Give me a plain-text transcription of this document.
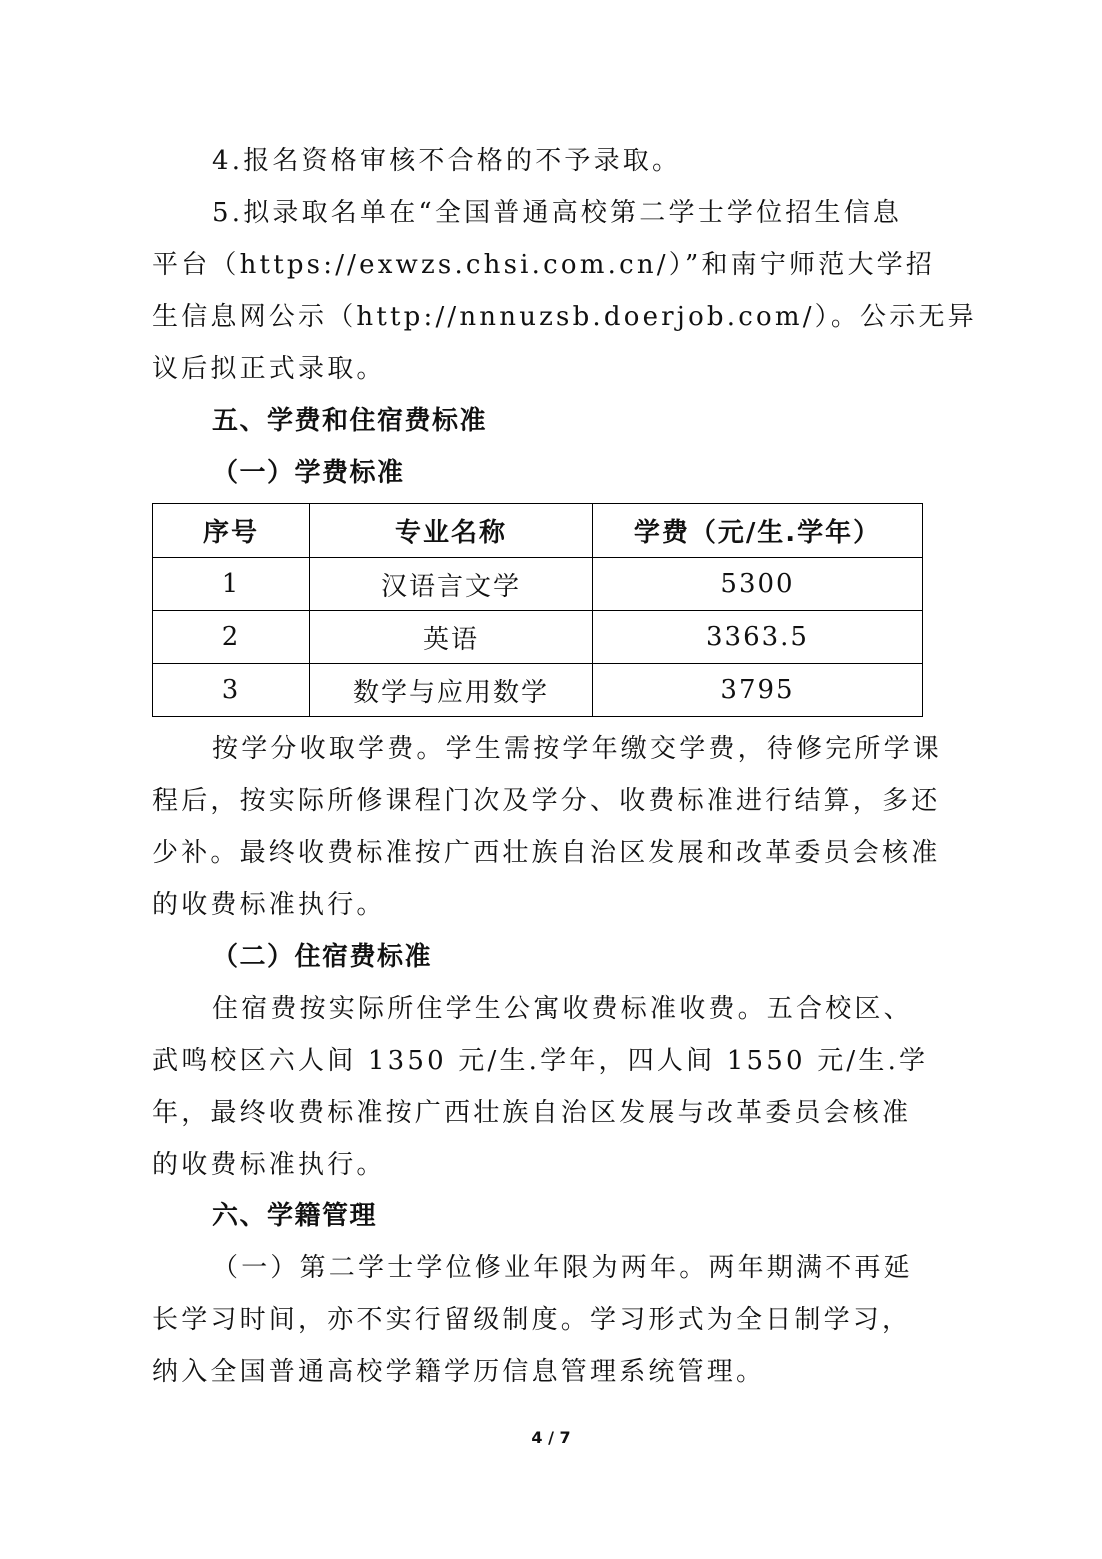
4.报名资格审核不合格的不予录取。

5.拟录取名单在“全国普通高校第二学士学位招生信息

平台（https://exwzs.chsi.com.cn/）”和南宁师范大学招

生信息网公示（http://nnnuzsb.doerjob.com/）。公示无异

议后拟正式录取。

五、学费和住宿费标准
（一）学费标准
序号	专业名称	学费（元/生.学年）
1	汉语言文学	5300
2	英语	3363.5
3	数学与应用数学	3795

按学分收取学费。学生需按学年缴交学费，待修完所学课

程后，按实际所修课程门次及学分、收费标准进行结算，多还

少补。最终收费标准按广西壮族自治区发展和改革委员会核准

的收费标准执行。

（二）住宿费标准

住宿费按实际所住学生公寓收费标准收费。五合校区、

武鸣校区六人间 1350 元/生.学年，四人间 1550 元/生.学

年，最终收费标准按广西壮族自治区发展与改革委员会核准

的收费标准执行。

六、学籍管理

（一）第二学士学位修业年限为两年。两年期满不再延

长学习时间，亦不实行留级制度。学习形式为全日制学习，

纳入全国普通高校学籍学历信息管理系统管理。

4 / 7
